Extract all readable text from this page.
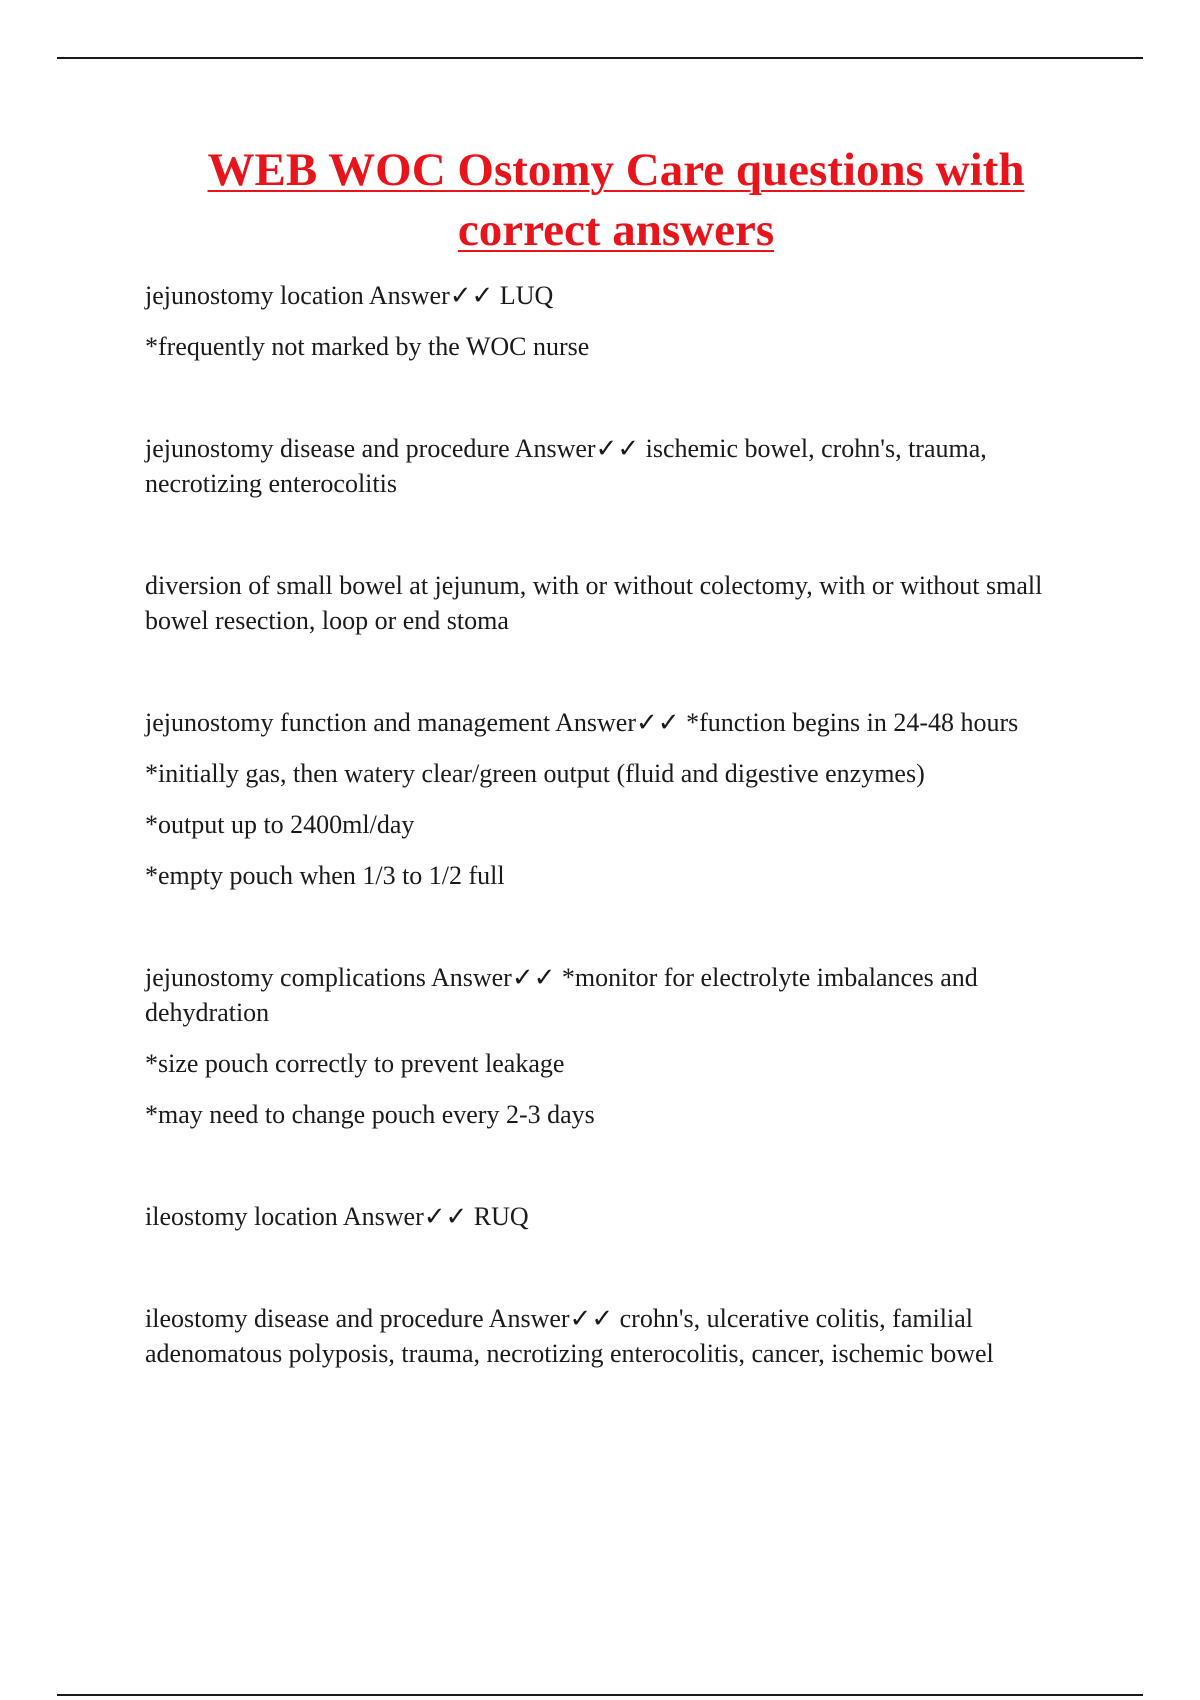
WEB WOC Ostomy Care questions with
correct answers

jejunostomy location Answer✓✓ LUQ

*frequently not marked by the WOC nurse

jejunostomy disease and procedure Answer✓✓ ischemic bowel, crohn's, trauma, necrotizing enterocolitis

diversion of small bowel at jejunum, with or without colectomy, with or without small bowel resection, loop or end stoma

jejunostomy function and management Answer✓✓ *function begins in 24-48 hours

*initially gas, then watery clear/green output (fluid and digestive enzymes)

*output up to 2400ml/day

*empty pouch when 1/3 to 1/2 full

jejunostomy complications Answer✓✓ *monitor for electrolyte imbalances and dehydration

*size pouch correctly to prevent leakage

*may need to change pouch every 2-3 days

ileostomy location Answer✓✓ RUQ

ileostomy disease and procedure Answer✓✓ crohn's, ulcerative colitis, familial adenomatous polyposis, trauma, necrotizing enterocolitis, cancer, ischemic bowel
